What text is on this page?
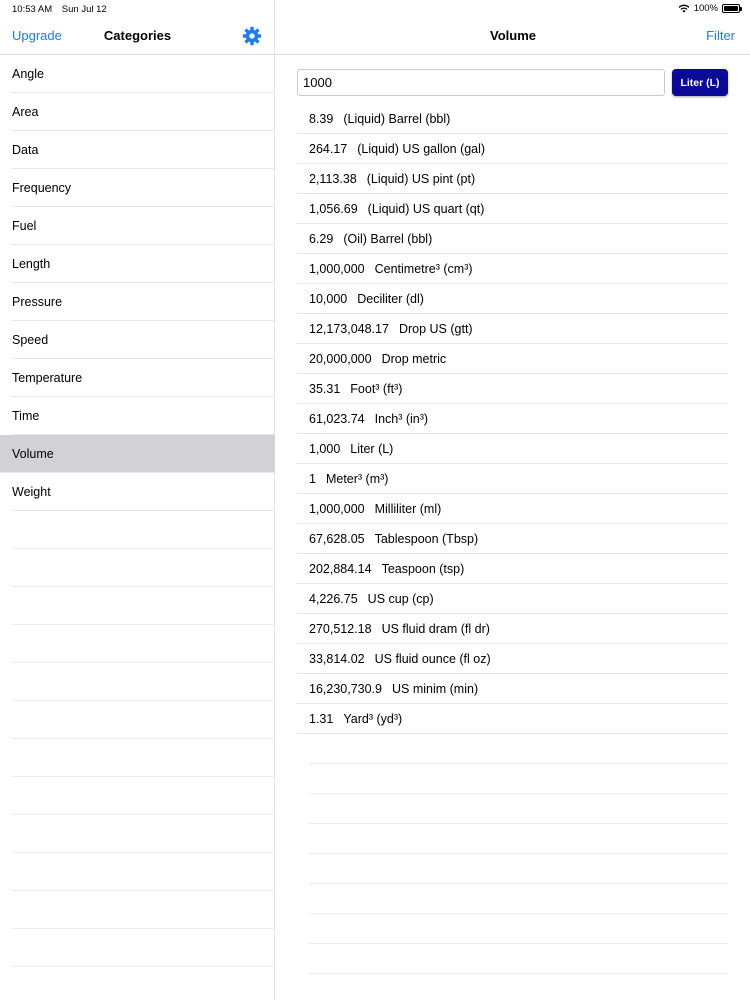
10:53 AM Sun Jul 12	100%
Upgrade	Categories
Angle
Area
Data
Frequency
Fuel
Length
Pressure
Speed
Temperature
Time
Volume
Weight
Volume	Filter
1000
Liter (L)
8.39 (Liquid) Barrel (bbl)
264.17 (Liquid) US gallon (gal)
2,113.38 (Liquid) US pint (pt)
1,056.69 (Liquid) US quart (qt)
6.29 (Oil) Barrel (bbl)
1,000,000 Centimetre³ (cm³)
10,000 Deciliter (dl)
12,173,048.17 Drop US (gtt)
20,000,000 Drop metric
35.31 Foot³ (ft³)
61,023.74 Inch³ (in³)
1,000 Liter (L)
1 Meter³ (m³)
1,000,000 Milliliter (ml)
67,628.05 Tablespoon (Tbsp)
202,884.14 Teaspoon (tsp)
4,226.75 US cup (cp)
270,512.18 US fluid dram (fl dr)
33,814.02 US fluid ounce (fl oz)
16,230,730.9 US minim (min)
1.31 Yard³ (yd³)
